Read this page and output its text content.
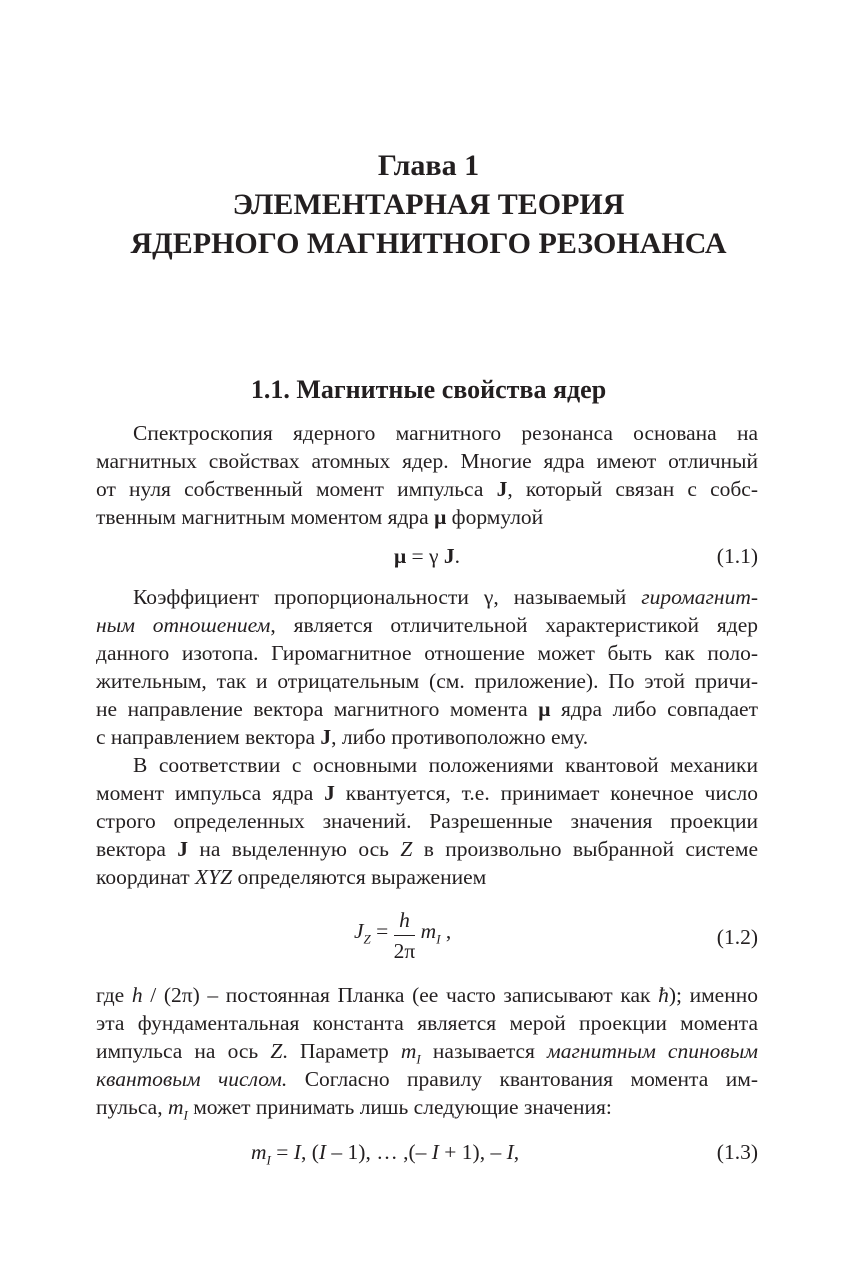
Глава 1
ЭЛЕМЕНТАРНАЯ ТЕОРИЯ
ЯДЕРНОГО МАГНИТНОГО РЕЗОНАНСА
1.1. Магнитные свойства ядер
Спектроскопия ядерного магнитного резонанса основана на
магнитных свойствах атомных ядер. Многие ядра имеют отличный
от нуля собственный момент импульса J, который связан с собс-
твенным магнитным моментом ядра μ формулой
μ = γ J.	(1.1)
Коэффициент пропорциональности γ, называемый гиромагнит-
ным отношением, является отличительной характеристикой ядер
данного изотопа. Гиромагнитное отношение может быть как поло-
жительным, так и отрицательным (см. приложение). По этой причи-
не направление вектора магнитного момента μ ядра либо совпадает
с направлением вектора J, либо противоположно ему.
В соответствии с основными положениями квантовой механики
момент импульса ядра J квантуется, т.е. принимает конечное число
строго определенных значений. Разрешенные значения проекции
вектора J на выделенную ось Z в произвольно выбранной системе
координат XYZ определяются выражением
$J_Z = \frac{h}{2\pi} m_I$ ,	(1.2)
где h / (2π) – постоянная Планка (ее часто записывают как ħ); именно
эта фундаментальная константа является мерой проекции момента
импульса на ось Z. Параметр $m_I$ называется магнитным спиновым
квантовым числом. Согласно правилу квантования момента им-
пульса, $m_I$ может принимать лишь следующие значения:
$m_I = I$, (I – 1), … ,(– I + 1), – I,	(1.3)
